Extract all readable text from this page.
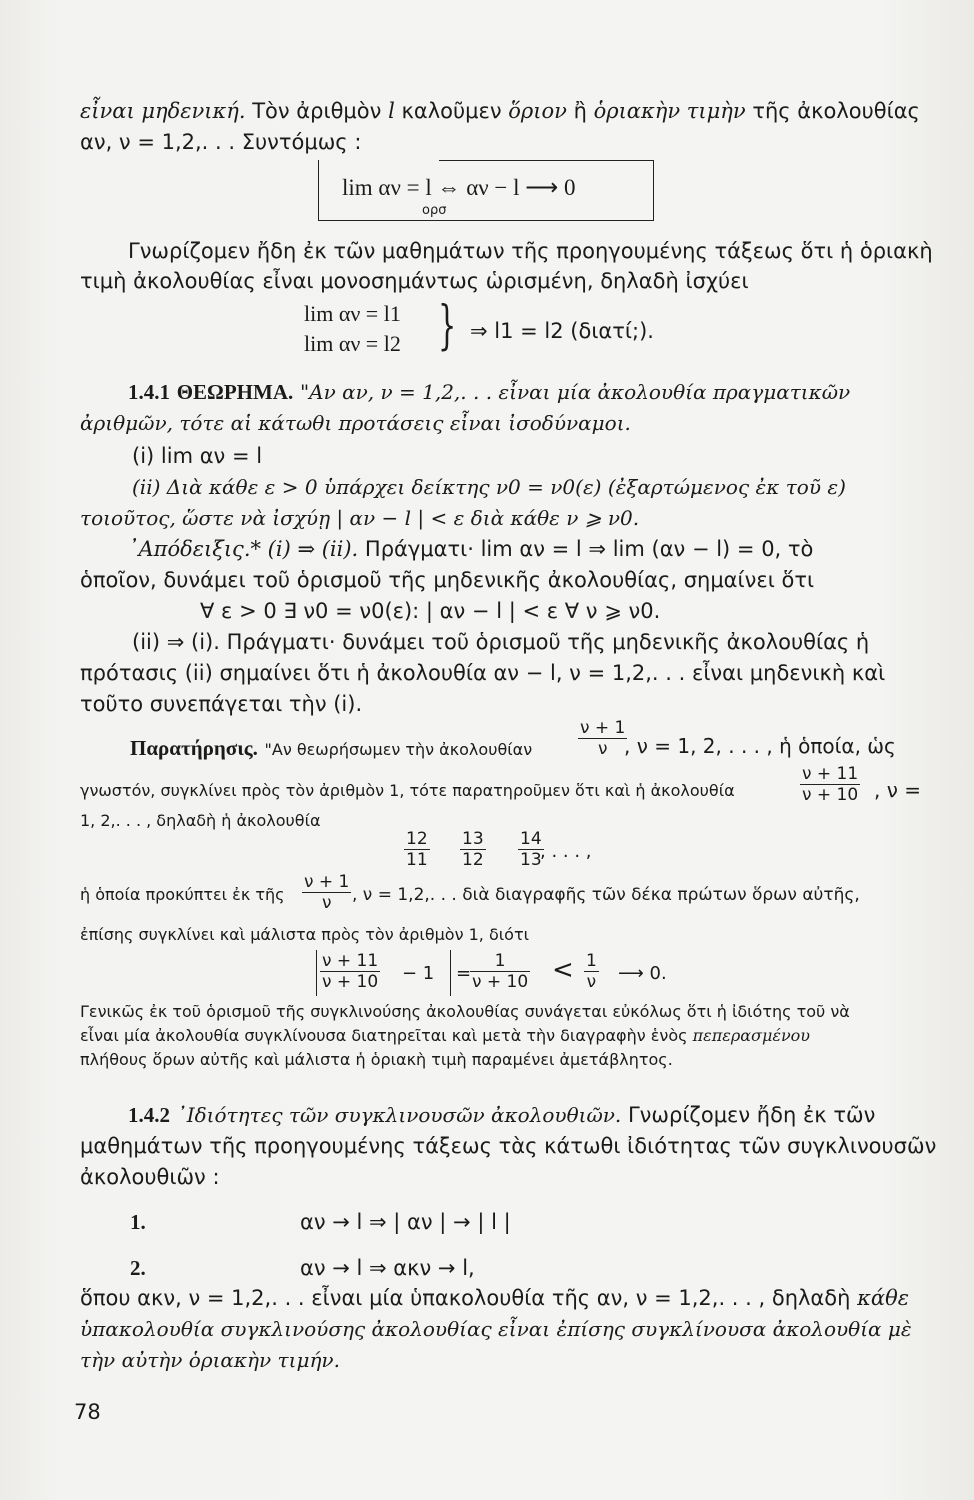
εἶναι μηδενική. Τὸν ἀριθμὸν l καλοῦμεν ὅριον ἢ ὁριακὴν τιμὴν τῆς ἀκολουθίας
αν, ν = 1,2,. . . Συντόμως :
lim αν = l ⇔ αν − l ⟶ 0
ορσ
Γνωρίζομεν ἤδη ἐκ τῶν μαθημάτων τῆς προηγουμένης τάξεως ὅτι ἡ ὁριακὴ
τιμὴ ἀκολουθίας εἶναι μονοσημάντως ὡρισμένη, δηλαδὴ ἰσχύει
lim αν = l1
lim αν = l2 } ⇒ l1 = l2 (διατί;).
1.4.1 ΘΕΩΡΗΜΑ. "Αν αν, ν = 1,2,. . . εἶναι μία ἀκολουθία πραγματικῶν
ἀριθμῶν, τότε αἱ κάτωθι προτάσεις εἶναι ἰσοδύναμοι.
(i) lim αν = l
(ii) Διὰ κάθε ε > 0 ὑπάρχει δείκτης ν0 = ν0(ε) (ἐξαρτώμενος ἐκ τοῦ ε)
τοιοῦτος, ὥστε νὰ ἰσχύῃ | αν − l | < ε διὰ κάθε ν ⩾ ν0.
᾿Απόδειξις.* (i) ⇒ (ii). Πράγματι· lim αν = l ⇒ lim (αν − l) = 0, τὸ
ὁποῖον, δυνάμει τοῦ ὁρισμοῦ τῆς μηδενικῆς ἀκολουθίας, σημαίνει ὅτι
∀ ε > 0 ∃ ν0 = ν0(ε): | αν − l | < ε ∀ ν ⩾ ν0.
(ii) ⇒ (i). Πράγματι· δυνάμει τοῦ ὁρισμοῦ τῆς μηδενικῆς ἀκολουθίας ἡ
πρότασις (ii) σημαίνει ὅτι ἡ ἀκολουθία αν − l, ν = 1,2,. . . εἶναι μηδενικὴ καὶ
τοῦτο συνεπάγεται τὴν (i).
Παρατήρησις. "Αν θεωρήσωμεν τὴν ἀκολουθίαν	$\frac{\nu + 1}{\nu}$
, ν = 1, 2, . . . , ἡ ὁποία, ὡς
γνωστόν, συγκλίνει πρὸς τὸν ἀριθμὸν 1, τότε παρατηροῦμεν ὅτι καὶ ἡ ἀκολουθία	$\frac{\nu + 11}{\nu + 10}$ , ν =
1, 2,. . . , δηλαδὴ ἡ ἀκολουθία
$\frac{12}{11} \frac{13}{12} \frac{14}{13}$
, . . . ,
ἡ ὁποία προκύπτει ἐκ τῆς $\frac{\nu + 1}{\nu}$ , ν = 1,2,. . . διὰ διαγραφῆς τῶν δέκα πρώτων ὅρων αὐτῆς,
ἐπίσης συγκλίνει καὶ μάλιστα πρὸς τὸν ἀριθμὸν 1, διότι
$\frac{\nu + 11}{\nu + 10} - 1$ =
$\frac{1}{\nu + 10} < \frac{1}{\nu}$ ⟶ 0.
Γενικῶς ἐκ τοῦ ὁρισμοῦ τῆς συγκλινούσης ἀκολουθίας συνάγεται εὐκόλως ὅτι ἡ ἰδιότης τοῦ νὰ
εἶναι μία ἀκολουθία συγκλίνουσα διατηρεῖται καὶ μετὰ τὴν διαγραφὴν ἑνὸς πεπερασμένου
πλήθους ὅρων αὐτῆς καὶ μάλιστα ἡ ὁριακὴ τιμὴ παραμένει ἀμετάβλητος.
1.4.2 ᾿Ιδιότητες τῶν συγκλινουσῶν ἀκολουθιῶν. Γνωρίζομεν ἤδη ἐκ τῶν
μαθημάτων τῆς προηγουμένης τάξεως τὰς κάτωθι ἰδιότητας τῶν συγκλινουσῶν
ἀκολουθιῶν :
1.	αν → l ⇒ | αν | → | l |
2.	αν → l ⇒ ακν → l,
ὅπου ακν, ν = 1,2,. . . εἶναι μία ὑπακολουθία τῆς αν, ν = 1,2,. . . , δηλαδὴ κάθε
ὑπακολουθία συγκλινούσης ἀκολουθίας εἶναι ἐπίσης συγκλίνουσα ἀκολουθία μὲ
τὴν αὐτὴν ὁριακὴν τιμήν.
78
